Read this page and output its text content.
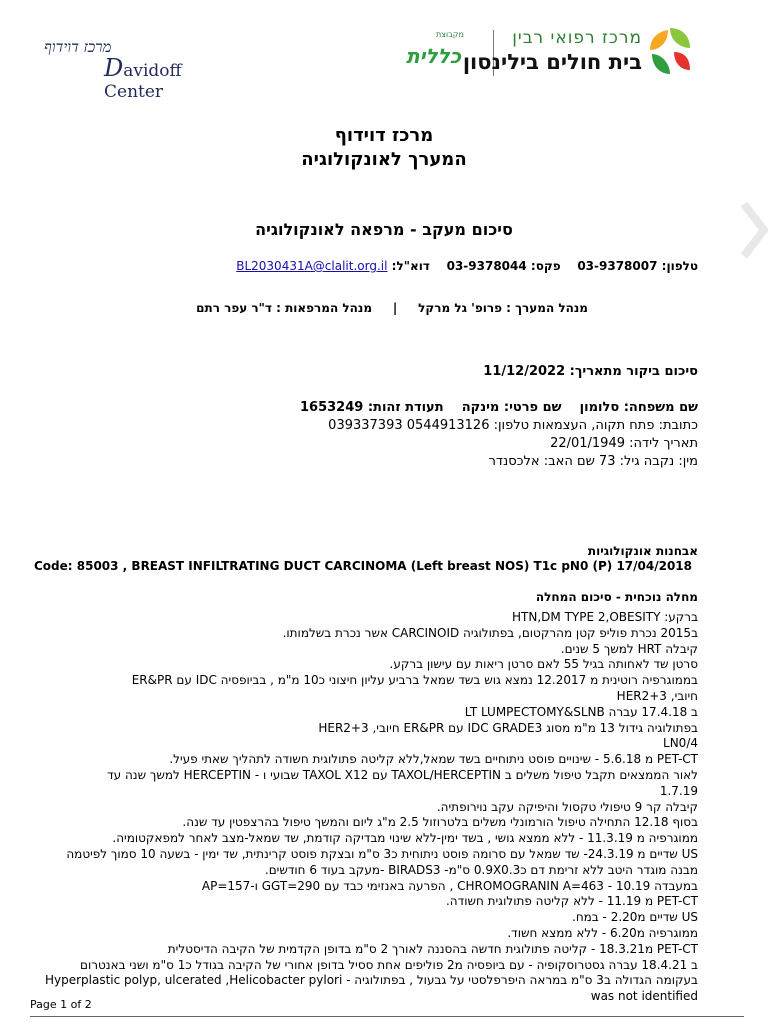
מרכז דוידוף
Davidoff Center
מקבוצת
כללית
מרכז רפואי רבין
בית חולים בילינסון
מרכז דוידוף
המערך לאונקולוגיה
סיכום מעקב - מרפאה לאונקולוגיה
טלפון: 03-9378007    פקס: 03-9378044    דוא"ל: BL2030431A@clalit.org.il
מנהל המערך : פרופ' גל מרקל     |     מנהל המרפאות : ד"ר עפר רתם
סיכום ביקור מתאריך: 11/12/2022
שם משפחה: סלומון    שם פרטי: מינקה    תעודת זהות: 1653249
כתובת: פתח תקוה, העצמאות טלפון: 0544913126 039337393
תאריך לידה: 22/01/1949
מין: נקבה גיל: 73 שם האב: אלכסנדר
אבחנות אונקולוגיות
Code: 85003 , BREAST INFILTRATING DUCT CARCINOMA (Left breast NOS) T1c pN0 (P) 17/04/2018
מחלה נוכחית - סיכום המחלה
ברקע: HTN,DM TYPE 2,OBESITY
ב2015 נכרת פוליפ קטן מהרקטום, בפתולוגיה CARCINOID אשר נכרת בשלמותו.
קיבלה HRT למשך 5 שנים.
סרטן שד לאחותה בגיל 55 לאם סרטן ריאות עם עישון ברקע.
בממוגרפיה רוטינית מ 12.2017 נמצא גוש בשד שמאל ברביע עליון חיצוני כ10 מ"מ , בביופסיה IDC עם ER&PR
חיובי, HER2+3
ב 17.4.18 עברה LT LUMPECTOMY&SLNB
בפתולוגיה גידול 13 מ"מ מסוג IDC GRADE3 עם ER&PR חיובי, HER2+3
LN0/4
PET-CT מ 5.6.18 - שינויים פוסט ניתוחיים בשד שמאל,ללא קליטה פתולוגית חשודה לתהליך שאתי פעיל.
לאור הממצאים תקבל טיפול משלים ב TAXOL/HERCEPTIN עם TAXOL X12 שבועי ו - HERCEPTIN למשך שנה עד
1.7.19
קיבלה קר 9 טיפולי טקסול והיפיקה עקב נוירופתיה.
בסוף 12.18 התחילה טיפול הורמונלי משלים בלטרוזול 2.5 מ"ג ליום והמשך טיפול בהרצפטין עד שנה.
ממוגרפיה מ 11.3.19 - ללא ממצא גושי , בשד ימין-ללא שינוי מבדיקה קודמת, שד שמאל-מצב לאחר למפאקטומיה.
US שדיים מ 24.3.19- שד שמאל עם סרומה פוסט ניתוחית כ3 ס"מ ובצקת פוסט קרינתית, שד ימין - בשעה 10 סמוך לפיטמה
מבנה מוגדר היטב ללא זרימת דם כ0.9X0.3 ס"מ- BIRADS3 -מעקב בעוד 6 חודשים.
במעבדה 10.19 - CHROMOGRANIN A=463 , הפרעה באנזימי כבד עם GGT=290 ו-AP=157
PET-CT מ 11.19 - ללא קליטה פתולוגית חשודה.
US שדיים מ2.20 - במח.
ממוגרפיה מ6.20 - ללא ממצא חשוד.
PET-CT מ18.3.21 - קליטה פתולוגית חדשה בהסננה לאורך 2 ס"מ בדופן הקדמית של הקיבה הדיסטלית
ב 18.4.21 עברה גסטרוסקופיה - עם ביופסיה מ2 פוליפים אחת ססיל בדופן אחורי של הקיבה בגודל כ1 ס"מ ושני באנטרום
בעקומה הגדולה ב3 ס"מ במראה היפרפלסטי על גבעול , בפתולוגיה - Hyperplastic polyp, ulcerated ,Helicobacter pylori
was not identified
Page 1 of 2
